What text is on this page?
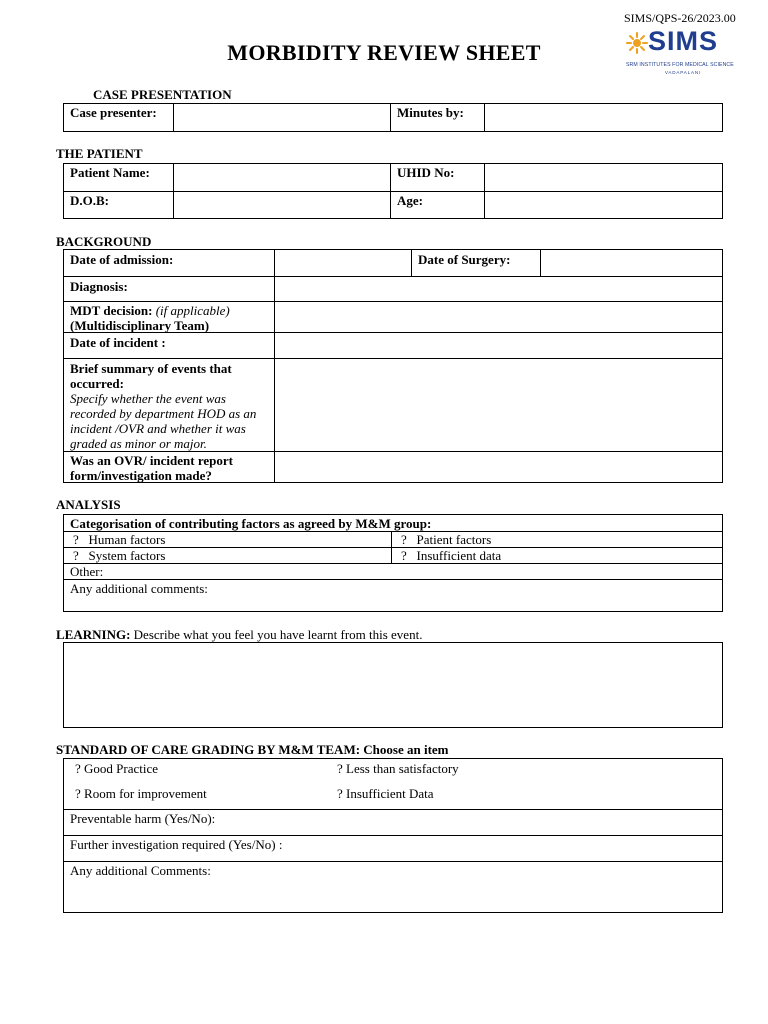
SIMS/QPS-26/2023.00
MORBIDITY REVIEW SHEET	SIMS
SRM INSTITUTES FOR MEDICAL SCIENCE
VADAPALANI
CASE PRESENTATION
Case presenter:	Minutes by:
THE PATIENT
Patient Name:	UHID No:
D.O.B:	Age:
BACKGROUND
Date of admission:	Date of Surgery:
Diagnosis:
MDT decision: (if applicable)
(Multidisciplinary Team)
Date of incident :
Brief summary of events that occurred:
Specify whether the event was recorded by department HOD as an incident /OVR and whether it was graded as minor or major.
Was an OVR/ incident report form/investigation made?
ANALYSIS
Categorisation of contributing factors as agreed by M&M group:
? Human factors	? Patient factors
? System factors	? Insufficient data
Other:
Any additional comments:
LEARNING: Describe what you feel you have learnt from this event.
STANDARD OF CARE GRADING BY M&M TEAM: Choose an item
? Good Practice	? Less than satisfactory
? Room for improvement	? Insufficient Data
Preventable harm (Yes/No):
Further investigation required (Yes/No) :
Any additional Comments:
